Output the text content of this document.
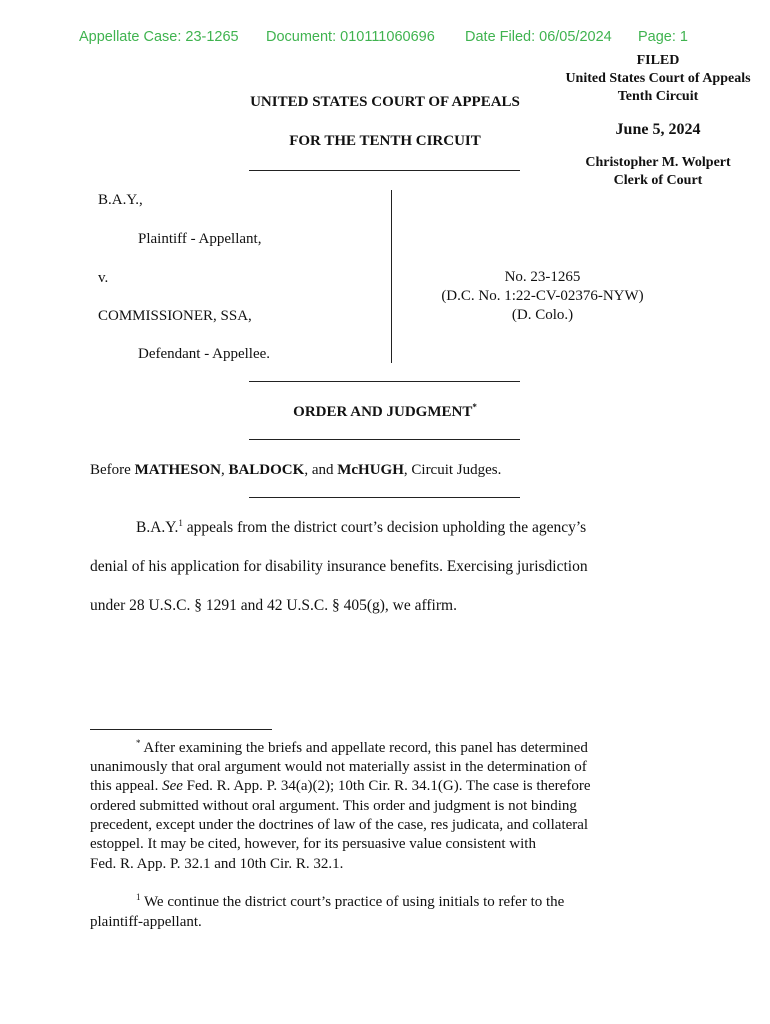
Appellate Case: 23-1265 Document: 010111060696 Date Filed: 06/05/2024 Page: 1
FILED
United States Court of Appeals
Tenth Circuit
June 5, 2024
Christopher M. Wolpert
Clerk of Court
UNITED STATES COURT OF APPEALS
FOR THE TENTH CIRCUIT
B.A.Y.,
Plaintiff - Appellant,
v.
COMMISSIONER, SSA,
Defendant - Appellee.
No. 23-1265
(D.C. No. 1:22-CV-02376-NYW)
(D. Colo.)
ORDER AND JUDGMENT*
Before MATHESON, BALDOCK, and McHUGH, Circuit Judges.
B.A.Y.$^1$ appeals from the district court’s decision upholding the agency’s
denial of his application for disability insurance benefits. Exercising jurisdiction
under 28 U.S.C. § 1291 and 42 U.S.C. § 405(g), we affirm.
* After examining the briefs and appellate record, this panel has determined
unanimously that oral argument would not materially assist in the determination of
this appeal. See Fed. R. App. P. 34(a)(2); 10th Cir. R. 34.1(G). The case is therefore
ordered submitted without oral argument. This order and judgment is not binding
precedent, except under the doctrines of law of the case, res judicata, and collateral
estoppel. It may be cited, however, for its persuasive value consistent with
Fed. R. App. P. 32.1 and 10th Cir. R. 32.1.
$^1$ We continue the district court’s practice of using initials to refer to the
plaintiff-appellant.
